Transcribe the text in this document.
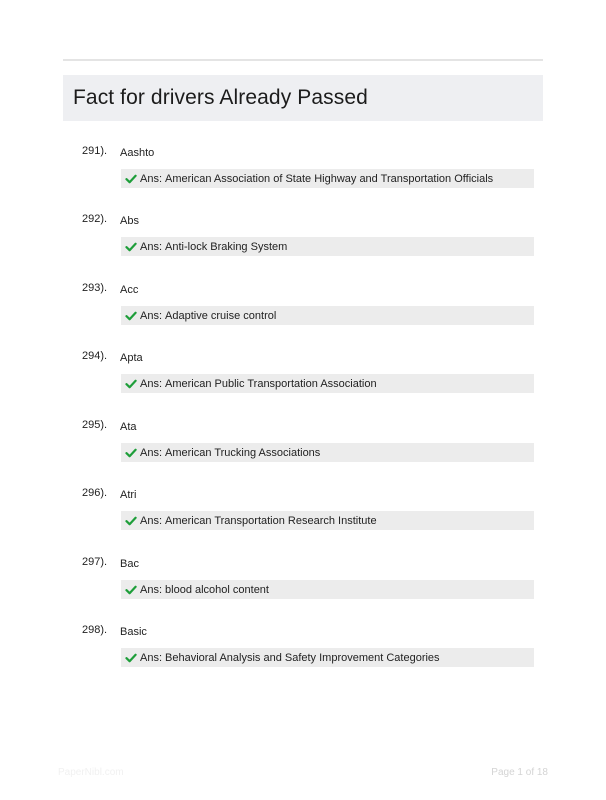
Fact for drivers Already Passed
291). Aashto
Ans: American Association of State Highway and Transportation Officials
292). Abs
Ans: Anti-lock Braking System
293). Acc
Ans: Adaptive cruise control
294). Apta
Ans: American Public Transportation Association
295). Ata
Ans: American Trucking Associations
296). Atri
Ans: American Transportation Research Institute
297). Bac
Ans: blood alcohol content
298). Basic
Ans: Behavioral Analysis and Safety Improvement Categories
PaperNibl.com	Page 1 of 18
